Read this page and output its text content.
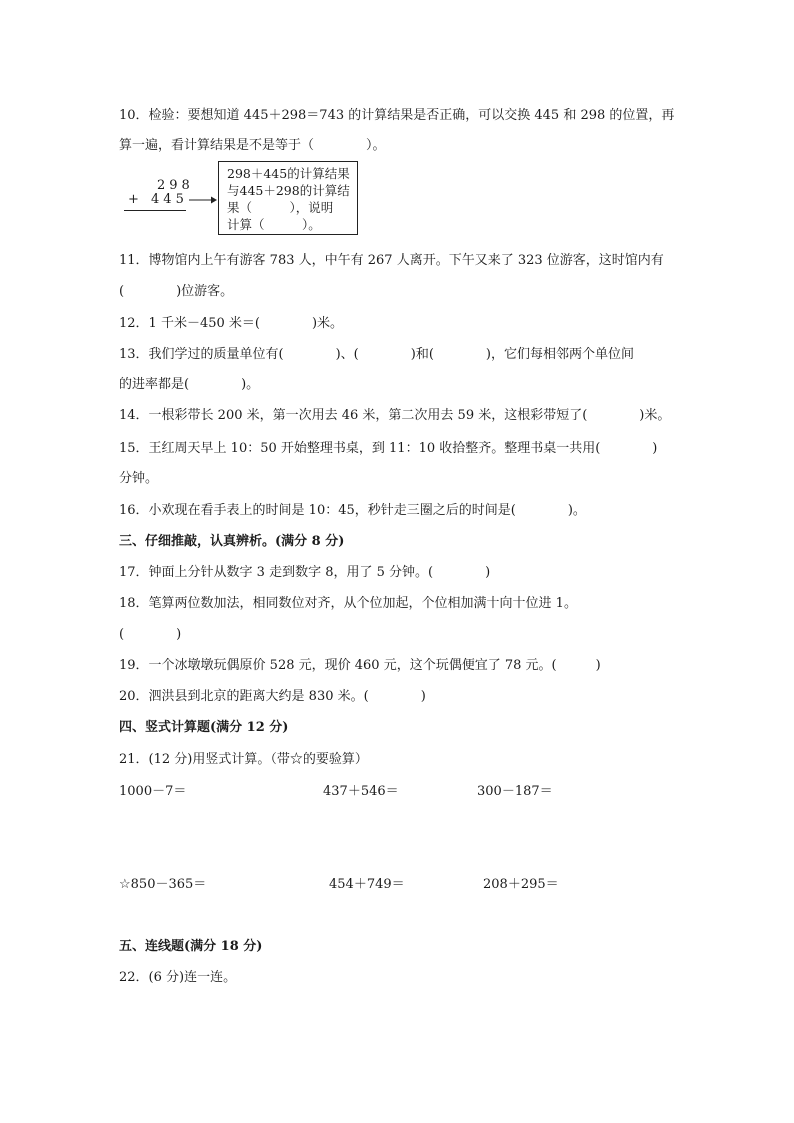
10．检验：要想知道 445＋298＝743 的计算结果是否正确，可以交换 445 和 298 的位置，再
算一遍，看计算结果是不是等于（　　　　）。
298
+ 445
298＋445的计算结果
与445＋298的计算结
果（　　　），说明
计算（　　　）。
11．博物馆内上午有游客 783 人，中午有 267 人离开。下午又来了 323 位游客，这时馆内有
(　　　　)位游客。
12．1 千米－450 米＝(　　　　)米。
13．我们学过的质量单位有(　　　　)、(　　　　)和(　　　　)，它们每相邻两个单位间
的进率都是(　　　　)。
14．一根彩带长 200 米，第一次用去 46 米，第二次用去 59 米，这根彩带短了(　　　　)米。
15．王红周天早上 10：50 开始整理书桌，到 11：10 收拾整齐。整理书桌一共用(　　　　)
分钟。
16．小欢现在看手表上的时间是 10：45，秒针走三圈之后的时间是(　　　　)。
三、仔细推敲，认真辨析。(满分 8 分)
17．钟面上分针从数字 3 走到数字 8，用了 5 分钟。(　　　　)
18．笔算两位数加法，相同数位对齐，从个位加起，个位相加满十向十位进 1。
(　　　　)
19．一个冰墩墩玩偶原价 528 元，现价 460 元，这个玩偶便宜了 78 元。(　　　)
20．泗洪县到北京的距离大约是 830 米。(　　　　)
四、竖式计算题(满分 12 分)
21．(12 分)用竖式计算。（带☆的要验算）
1000－7＝	437＋546＝	300－187＝
☆850－365＝	454＋749＝	208＋295＝
五、连线题(满分 18 分)
22．(6 分)连一连。
